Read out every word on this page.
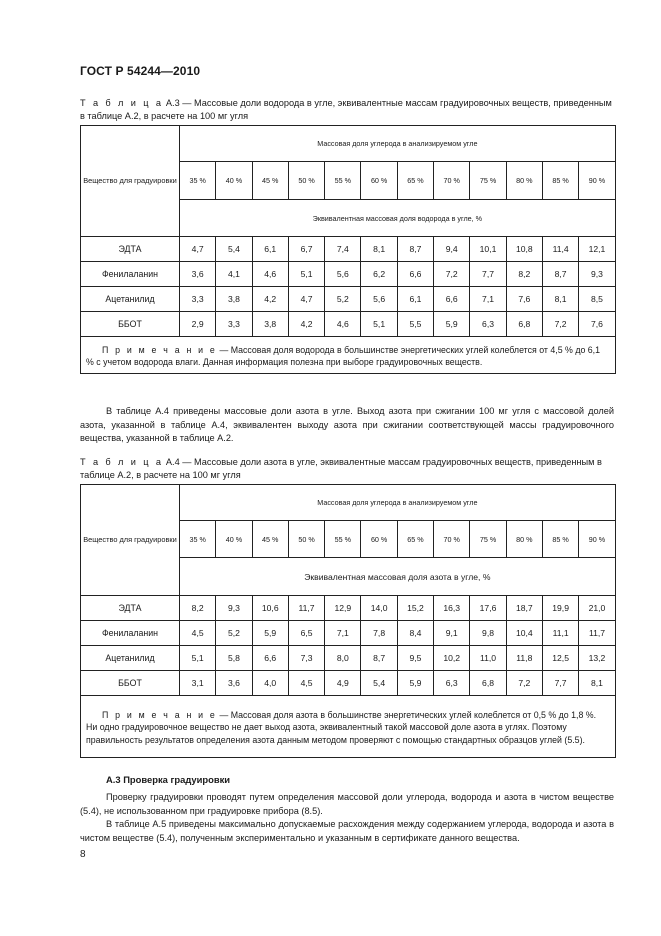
ГОСТ Р 54244—2010
Т а б л и ц а А.3 — Массовые доли водорода в угле, эквивалентные массам градуировочных веществ, приведенным в таблице А.2, в расчете на 100 мг угля
Вещество для градуировки	Массовая доля углерода в анализируемом угле											
	35 %	40 %	45 %	50 %	55 %	60 %	65 %	70 %	75 %	80 %	85 %	90 %
	Эквивалентная массовая доля водорода в угле, %											
ЭДТА	4,7	5,4	6,1	6,7	7,4	8,1	8,7	9,4	10,1	10,8	11,4	12,1
Фенилаланин	3,6	4,1	4,6	5,1	5,6	6,2	6,6	7,2	7,7	8,2	8,7	9,3
Ацетанилид	3,3	3,8	4,2	4,7	5,2	5,6	6,1	6,6	7,1	7,6	8,1	8,5
ББОТ	2,9	3,3	3,8	4,2	4,6	5,1	5,5	5,9	6,3	6,8	7,2	7,6
П р и м е ч а н и е — Массовая доля водорода в большинстве энергетических углей колеблется от 4,5 % до 6,1 % с учетом водорода влаги. Данная информация полезна при выборе градуировочных веществ.												

В таблице А.4 приведены массовые доли азота в угле. Выход азота при сжигании 100 мг угля с массовой долей азота, указанной в таблице А.4, эквивалентен выходу азота при сжигании соответствующей массы градуировочного вещества, указанной в таблице А.2.

Т а б л и ц а А.4 — Массовые доли азота в угле, эквивалентные массам градуировочных веществ, приведенным в таблице А.2, в расчете на 100 мг угля
Вещество для градуировки	Массовая доля углерода в анализируемом угле											
	35 %	40 %	45 %	50 %	55 %	60 %	65 %	70 %	75 %	80 %	85 %	90 %
	Эквивалентная массовая доля азота в угле, %											
ЭДТА	8,2	9,3	10,6	11,7	12,9	14,0	15,2	16,3	17,6	18,7	19,9	21,0
Фенилаланин	4,5	5,2	5,9	6,5	7,1	7,8	8,4	9,1	9,8	10,4	11,1	11,7
Ацетанилид	5,1	5,8	6,6	7,3	8,0	8,7	9,5	10,2	11,0	11,8	12,5	13,2
ББОТ	3,1	3,6	4,0	4,5	4,9	5,4	5,9	6,3	6,8	7,2	7,7	8,1
П р и м е ч а н и е — Массовая доля азота в большинстве энергетических углей колеблется от 0,5 % до 1,8 %. Ни одно градуировочное вещество не дает выход азота, эквивалентный такой массовой доле азота в углях. Поэтому правильность результатов определения азота данным методом проверяют с помощью стандартных образцов углей (5.5).												
А.3 Проверка градуировки

Проверку градуировки проводят путем определения массовой доли углерода, водорода и азота в чистом веществе (5.4), не использованном при градуировке прибора (8.5).

В таблице А.5 приведены максимально допускаемые расхождения между содержанием углерода, водорода и азота в чистом веществе (5.4), полученным экспериментально и указанным в сертификате данного вещества.

8
